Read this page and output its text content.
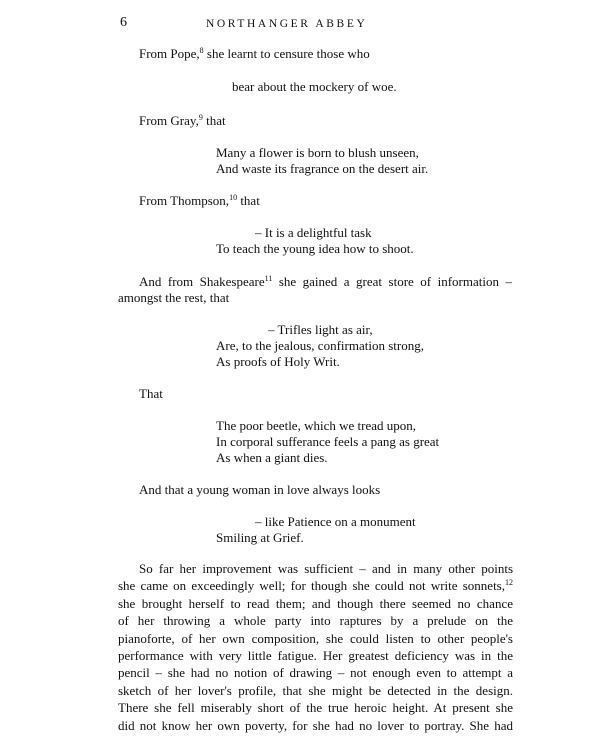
6	NORTHANGER ABBEY
From Pope,$^8$ she learnt to censure those who
bear about the mockery of woe.
From Gray,$^9$ that
Many a flower is born to blush unseen,
And waste its fragrance on the desert air.
From Thompson,$^{10}$ that
– It is a delightful task
To teach the young idea how to shoot.
And from Shakespeare$^{11}$ she gained a great store of information –
amongst the rest, that
– Trifles light as air,
Are, to the jealous, confirmation strong,
As proofs of Holy Writ.
That
The poor beetle, which we tread upon,
In corporal sufferance feels a pang as great
As when a giant dies.
And that a young woman in love always looks
– like Patience on a monument
Smiling at Grief.
So far her improvement was sufficient – and in many other points
she came on exceedingly well; for though she could not write sonnets,$^{12}$
she brought herself to read them; and though there seemed no chance
of her throwing a whole party into raptures by a prelude on the
pianoforte, of her own composition, she could listen to other people's
performance with very little fatigue. Her greatest deficiency was in the
pencil – she had no notion of drawing – not enough even to attempt a
sketch of her lover's profile, that she might be detected in the design.
There she fell miserably short of the true heroic height. At present she
did not know her own poverty, for she had no lover to portray. She had
